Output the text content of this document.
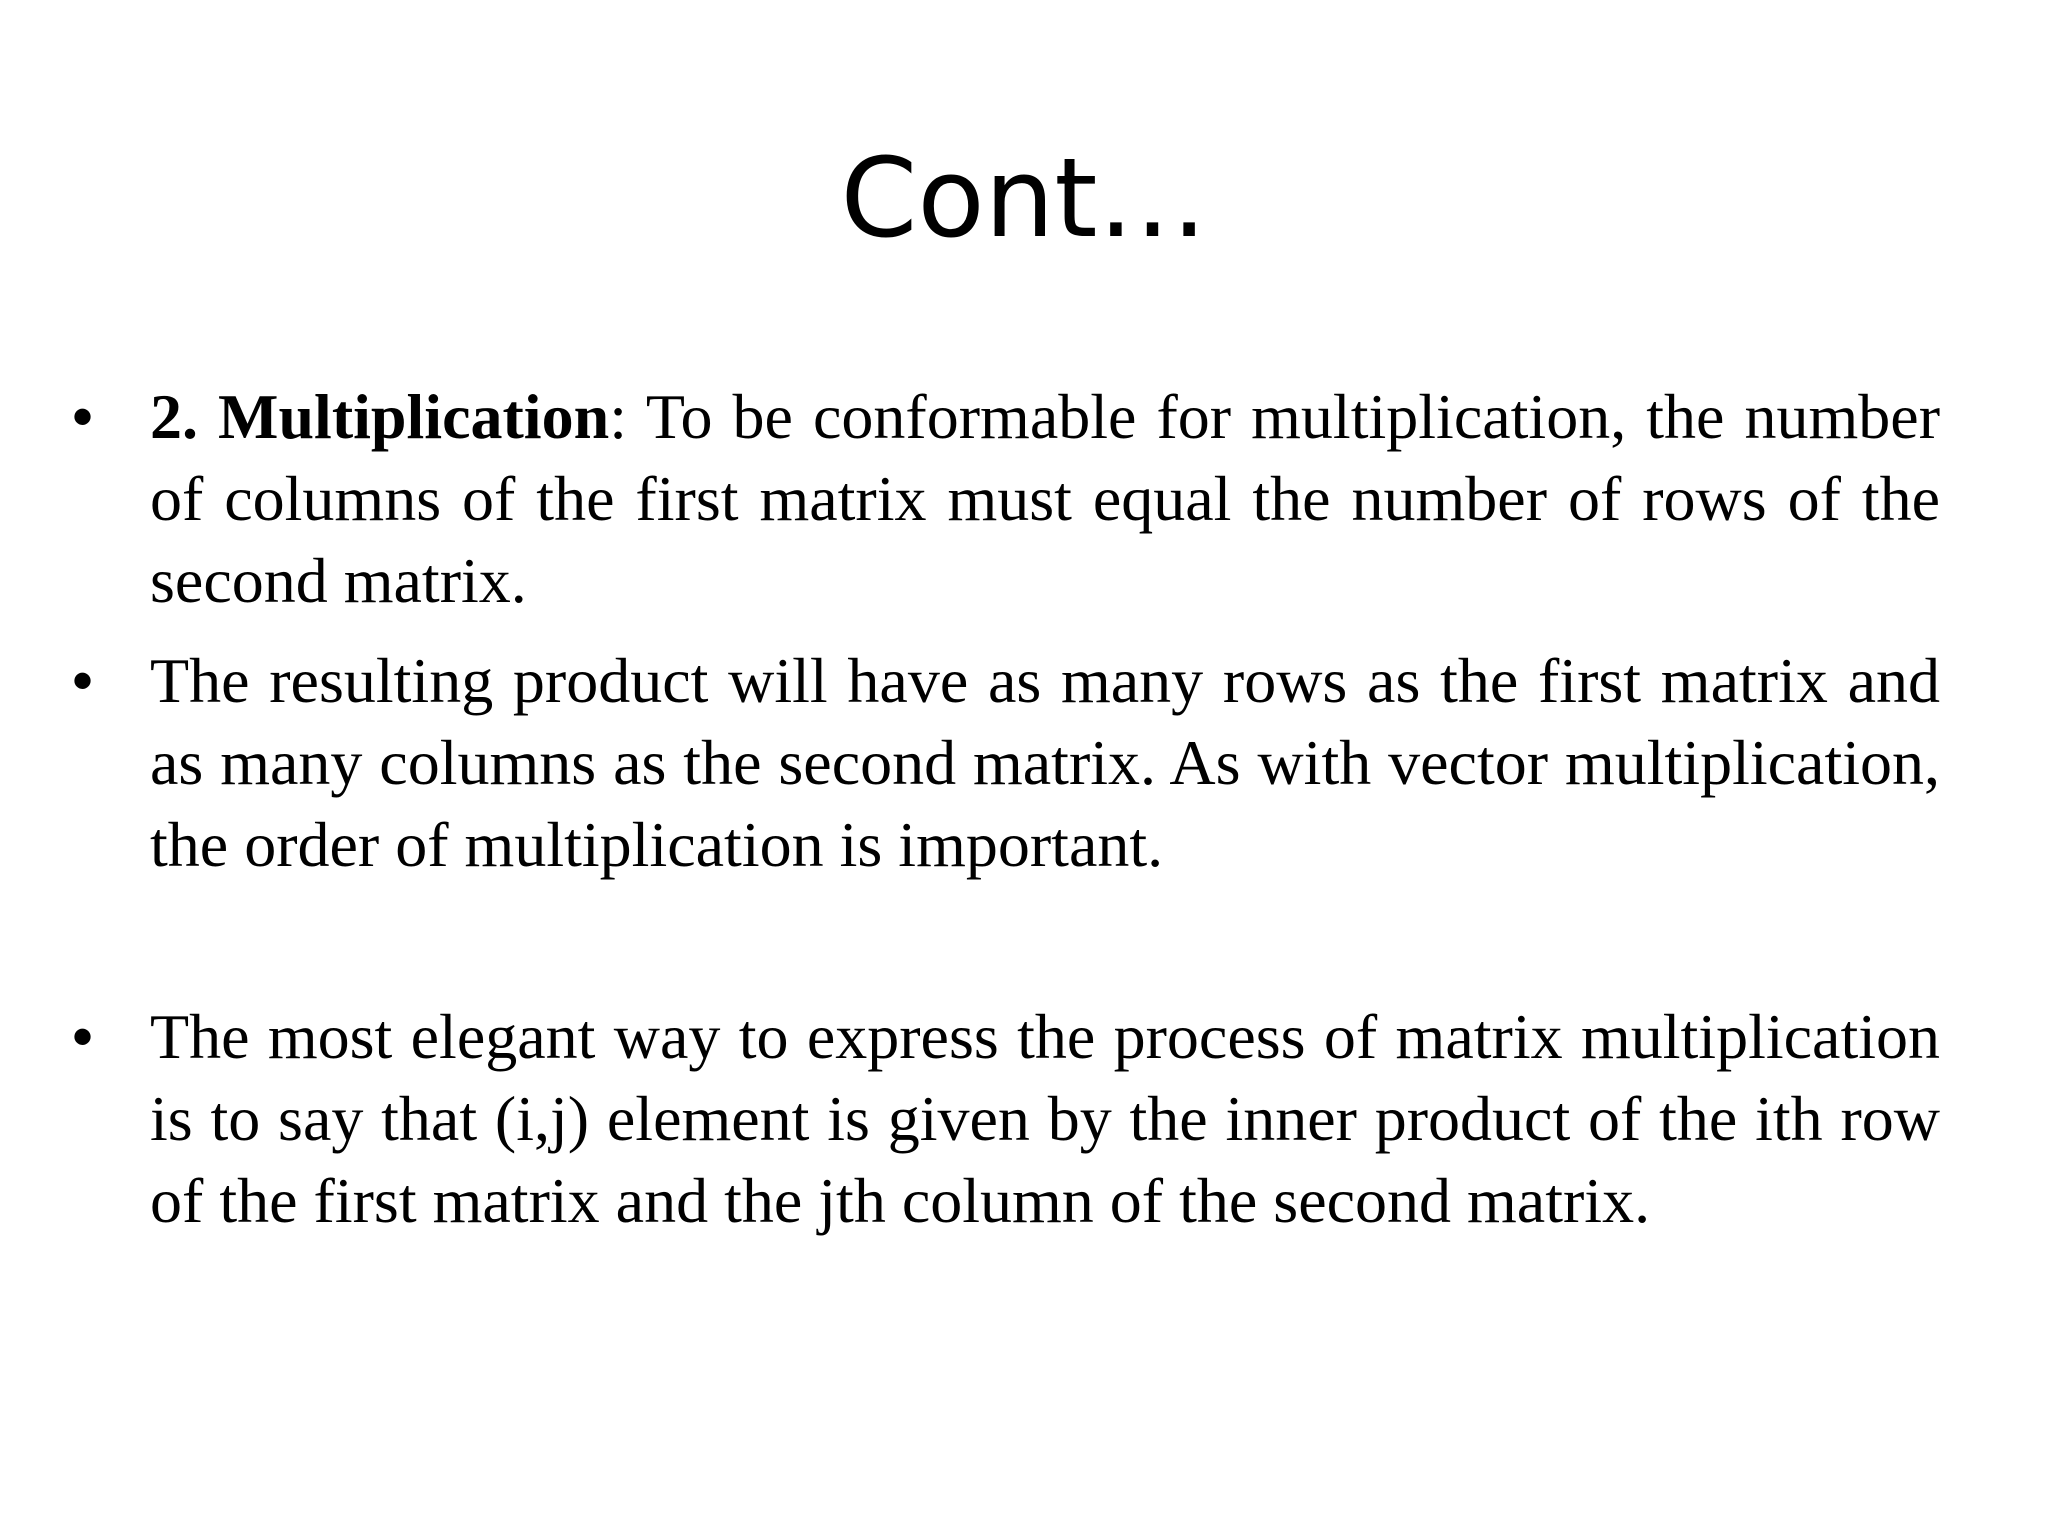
Cont…
• 2. Multiplication: To be conformable for multiplication, the number of columns of the first matrix must equal the number of rows of the second matrix.
• The resulting product will have as many rows as the first matrix and as many columns as the second matrix. As with vector multiplication, the order of multiplication is important.
• The most elegant way to express the process of matrix multiplication is to say that (i,j) element is given by the inner product of the ith row of the first matrix and the jth column of the second matrix.
